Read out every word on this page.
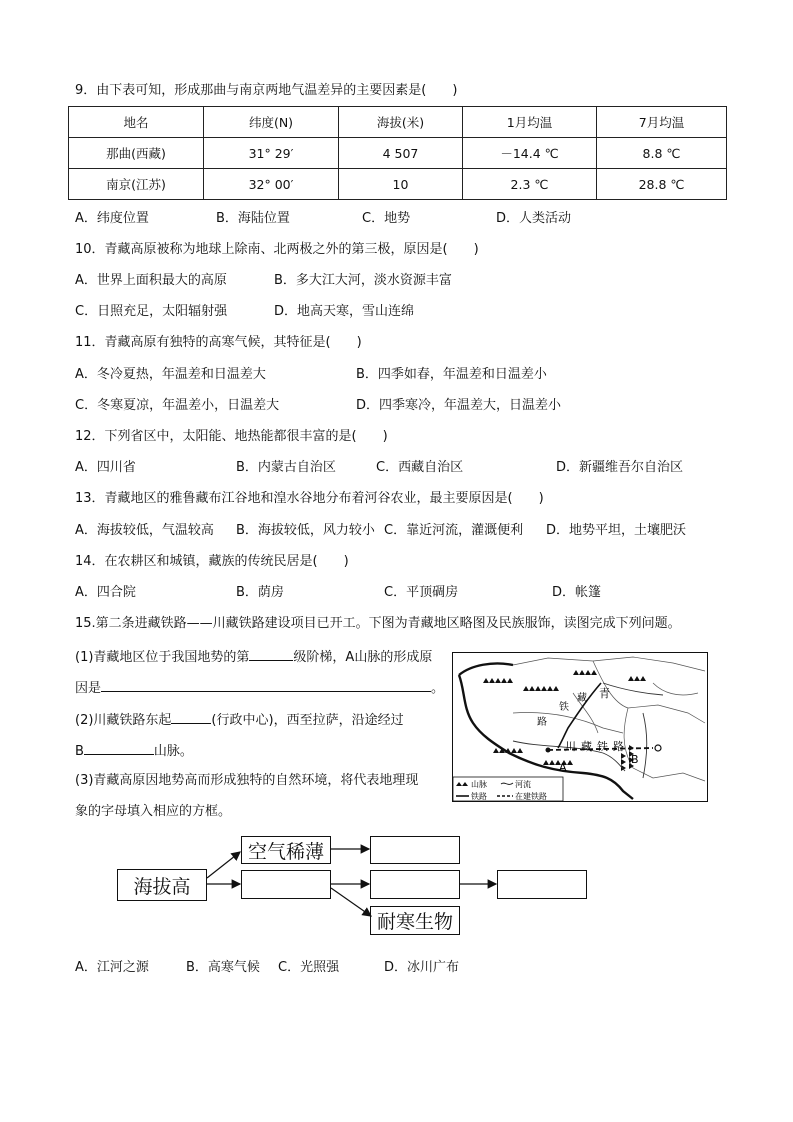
9．由下表可知，形成那曲与南京两地气温差异的主要因素是(　　)
地名	纬度(N)	海拔(米)	1月均温	7月均温
那曲(西藏)	31° 29′	4 507	－14.4 ℃	8.8 ℃
南京(江苏)	32° 00′	10	2.3 ℃	28.8 ℃
A．纬度位置	B．海陆位置	C．地势	D．人类活动
10．青藏高原被称为地球上除南、北两极之外的第三极，原因是(　　)
A．世界上面积最大的高原	B．多大江大河，淡水资源丰富
C．日照充足，太阳辐射强	D．地高天寒，雪山连绵
11．青藏高原有独特的高寒气候，其特征是(　　)
A．冬冷夏热，年温差和日温差大	B．四季如春，年温差和日温差小
C．冬寒夏凉，年温差小，日温差大	D．四季寒冷，年温差大，日温差小
12．下列省区中，太阳能、地热能都很丰富的是(　　)
A．四川省	B．内蒙古自治区	C．西藏自治区	D．新疆维吾尔自治区
13．青藏地区的雅鲁藏布江谷地和湟水谷地分布着河谷农业，最主要原因是(　　)
A．海拔较低，气温较高 B．海拔较低，风力较小 C．靠近河流，灌溉便利 D．地势平坦，土壤肥沃
14．在农耕区和城镇，藏族的传统民居是(　　)
A．四合院	B．荫房	C．平顶碉房	D．帐篷
15.第二条进藏铁路——川藏铁路建设项目已开工。下图为青藏地区略图及民族服饰，读图完成下列问题。
(1)青藏地区位于我国地势的第	级阶梯，A山脉的形成原
因是	。
(2)川藏铁路东起	(行政中心)，西至拉萨，沿途经过
B	山脉。
(3)青藏高原因地势高而形成独特的自然环境，将代表地理现
象的字母填入相应的方框。
青
铁
藏
路
川 藏 铁 路
A
B
山脉	河流
铁路	在建铁路
海拔高
空气稀薄
耐寒生物
A．江河之源	B．高寒气候 C．光照强	D．冰川广布
